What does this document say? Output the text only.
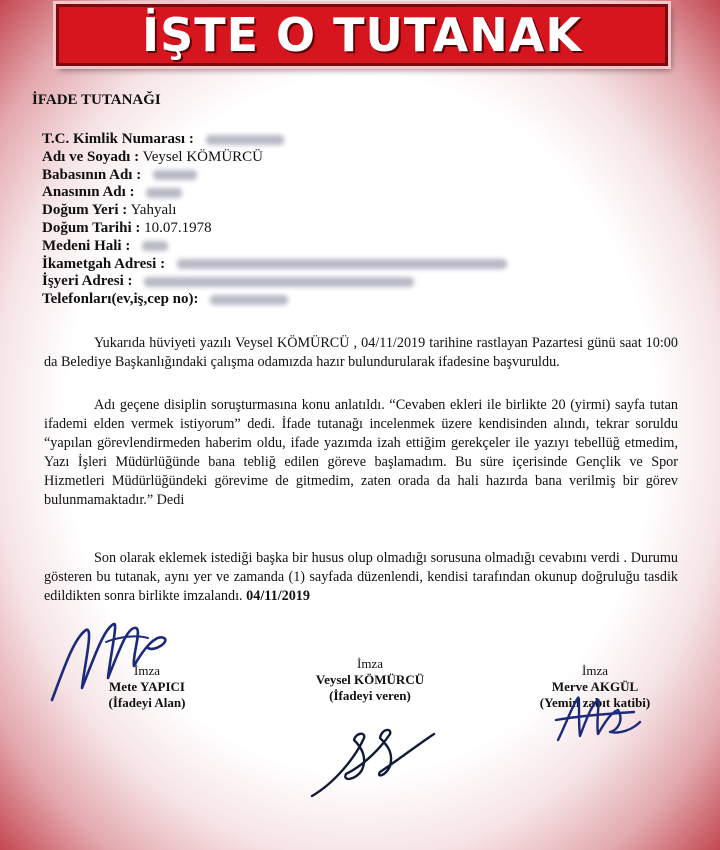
İŞTE O TUTANAK
İFADE TUTANAĞI
T.C. Kimlik Numarası :
Adı ve Soyadı : Veysel KÖMÜRCÜ
Babasının Adı :
Anasının Adı :
Doğum Yeri : Yahyalı
Doğum Tarihi : 10.07.1978
Medeni Hali :
İkametgah Adresi :
İşyeri Adresi :
Telefonları(ev,iş,cep no):
Yukarıda hüviyeti yazılı Veysel KÖMÜRCÜ , 04/11/2019 tarihine rastlayan Pazartesi günü saat 10:00 da Belediye Başkanlığındaki çalışma odamızda hazır bulundurularak ifadesine başvuruldu.
Adı geçene disiplin soruşturmasına konu anlatıldı. “Cevaben ekleri ile birlikte 20 (yirmi) sayfa tutan ifademi elden vermek istiyorum” dedi. İfade tutanağı incelenmek üzere kendisinden alındı, tekrar soruldu “yapılan görevlendirmeden haberim oldu, ifade yazımda izah ettiğim gerekçeler ile yazıyı tebellüğ etmedim, Yazı İşleri Müdürlüğünde bana tebliğ edilen göreve başlamadım. Bu süre içerisinde Gençlik ve Spor Hizmetleri Müdürlüğündeki görevime de gitmedim, zaten orada da hali hazırda bana verilmiş bir görev bulunmamaktadır.” Dedi
Son olarak eklemek istediği başka bir husus olup olmadığı sorusuna olmadığı cevabını verdi . Durumu gösteren bu tutanak, aynı yer ve zamanda (1) sayfada düzenlendi, kendisi tarafından okunup doğruluğu tasdik edildikten sonra birlikte imzalandı. 04/11/2019
İmza
Mete YAPICI
(İfadeyi Alan)
İmza
Veysel KÖMÜRCÜ
(İfadeyi veren)
İmza
Merve AKGÜL
(Yemin zabıt katibi)
